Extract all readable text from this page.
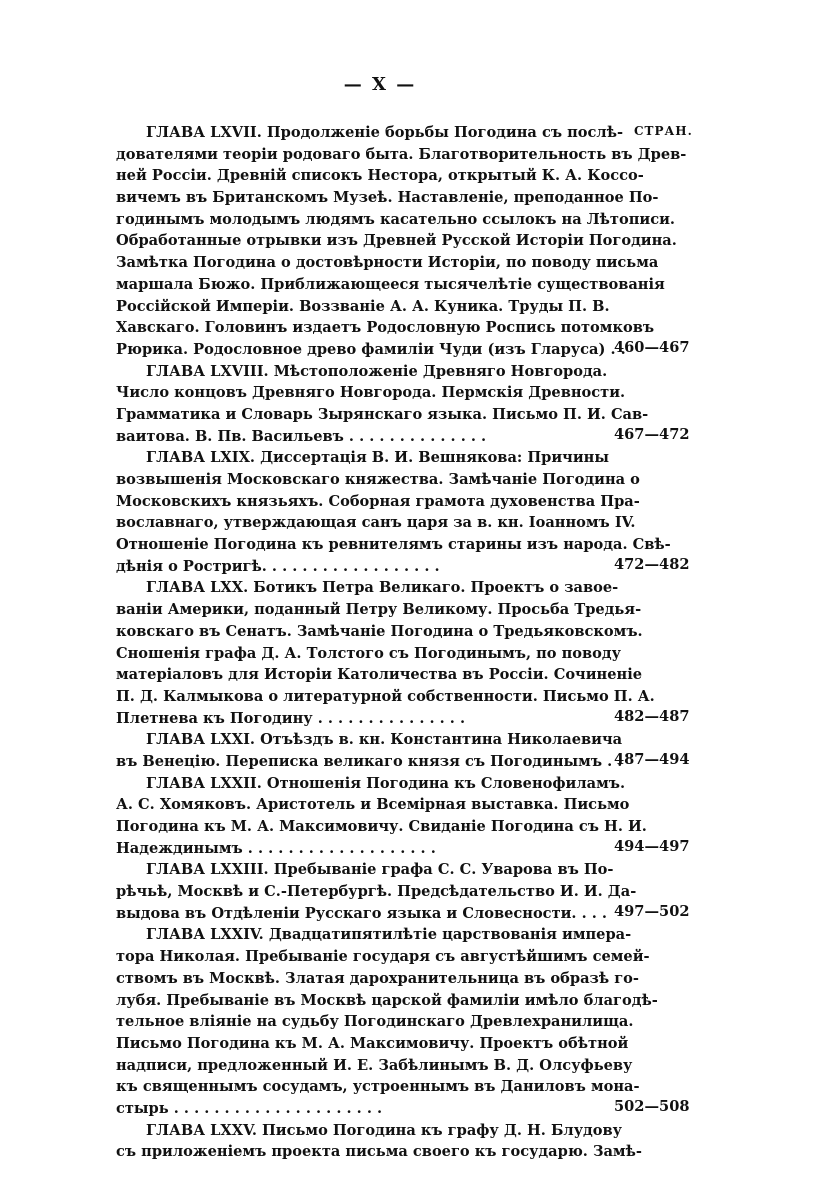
— X —
СТРАН.
ГЛАВА LXVII. Продолженіе борьбы Погодина съ послѣ-
дователями теоріи родоваго быта. Благотворительность въ Древ-
ней Россіи. Древній списокъ Нестора, открытый К. А. Коссо-
вичемъ въ Британскомъ Музеѣ. Наставленіе, преподанное По-
годинымъ молодымъ людямъ касательно ссылокъ на Лѣтописи.
Обработанные отрывки изъ Древней Русской Исторіи Погодина.
Замѣтка Погодина о достовѣрности Исторіи, по поводу письма
маршала Бюжо. Приближающееся тысячелѣтіе существованія
Россійской Имперіи. Воззваніе А. А. Куника. Труды П. В.
Хавскаго. Головинъ издаетъ Родословную Роспись потомковъ
Рюрика. Родословное древо фамиліи Чуди (изъ Гларуса) . .
460—467
ГЛАВА LXVIII. Мѣстоположеніе Древняго Новгорода.
Число концовъ Древняго Новгорода. Пермскія Древности.
Грамматика и Словарь Зырянскаго языка. Письмо П. И. Сав-
ваитова. В. Пв. Васильевъ . . . . . . . . . . . . . .	467—472
ГЛАВА LXIX. Диссертація В. И. Вешнякова: Причины
возвышенія Московскаго княжества. Замѣчаніе Погодина о
Московскихъ князьяхъ. Соборная грамота духовенства Пра-
вославнаго, утверждающая санъ царя за в. кн. Іоанномъ IV.
Отношеніе Погодина къ ревнителямъ старины изъ народа. Свѣ-
дѣнія о Ростригѣ. . . . . . . . . . . . . . . . . .	472—482
ГЛАВА LXX. Ботикъ Петра Великаго. Проектъ о завое-
ваніи Америки, поданный Петру Великому. Просьба Тредья-
ковскаго въ Сенатъ. Замѣчаніе Погодина о Тредьяковскомъ.
Сношенія графа Д. А. Толстого съ Погодинымъ, по поводу
матеріаловъ для Исторіи Католичества въ Россіи. Сочиненіе
П. Д. Калмыкова о литературной собственности. Письмо П. А.
Плетнева къ Погодину . . . . . . . . . . . . . . .	482—487
ГЛАВА LXXI. Отъѣздъ в. кн. Константина Николаевича
въ Венецію. Переписка великаго князя съ Погодинымъ . .
487—494
ГЛАВА LXXII. Отношенія Погодина къ Словенофиламъ.
А. С. Хомяковъ. Аристотель и Всемірная выставка. Письмо
Погодина къ М. А. Максимовичу. Свиданіе Погодина съ Н. И.
Надеждинымъ . . . . . . . . . . . . . . . . . . .	494—497
ГЛАВА LXXIII. Пребываніе графа С. С. Уварова въ По-
рѣчьѣ, Москвѣ и С.-Петербургѣ. Предсѣдательство И. И. Да-
выдова въ Отдѣленіи Русскаго языка и Словесности. . . . 497—502
ГЛАВА LXXIV. Двадцатипятилѣтіе царствованія импера-
тора Николая. Пребываніе государя съ августѣйшимъ семей-
ствомъ въ Москвѣ. Златая дарохранительница въ образѣ го-
лубя. Пребываніе въ Москвѣ царской фамиліи имѣло благодѣ-
тельное вліяніе на судьбу Погодинскаго Древлехранилища.
Письмо Погодина къ М. А. Максимовичу. Проектъ обѣтной
надписи, предложенный И. Е. Забѣлинымъ В. Д. Олсуфьеву
къ священнымъ сосудамъ, устроеннымъ въ Даниловъ мона-
стырь . . . . . . . . . . . . . . . . . . . . .	502—508
ГЛАВА LXXV. Письмо Погодина къ графу Д. Н. Блудову
съ приложеніемъ проекта письма своего къ государю. Замѣ-
